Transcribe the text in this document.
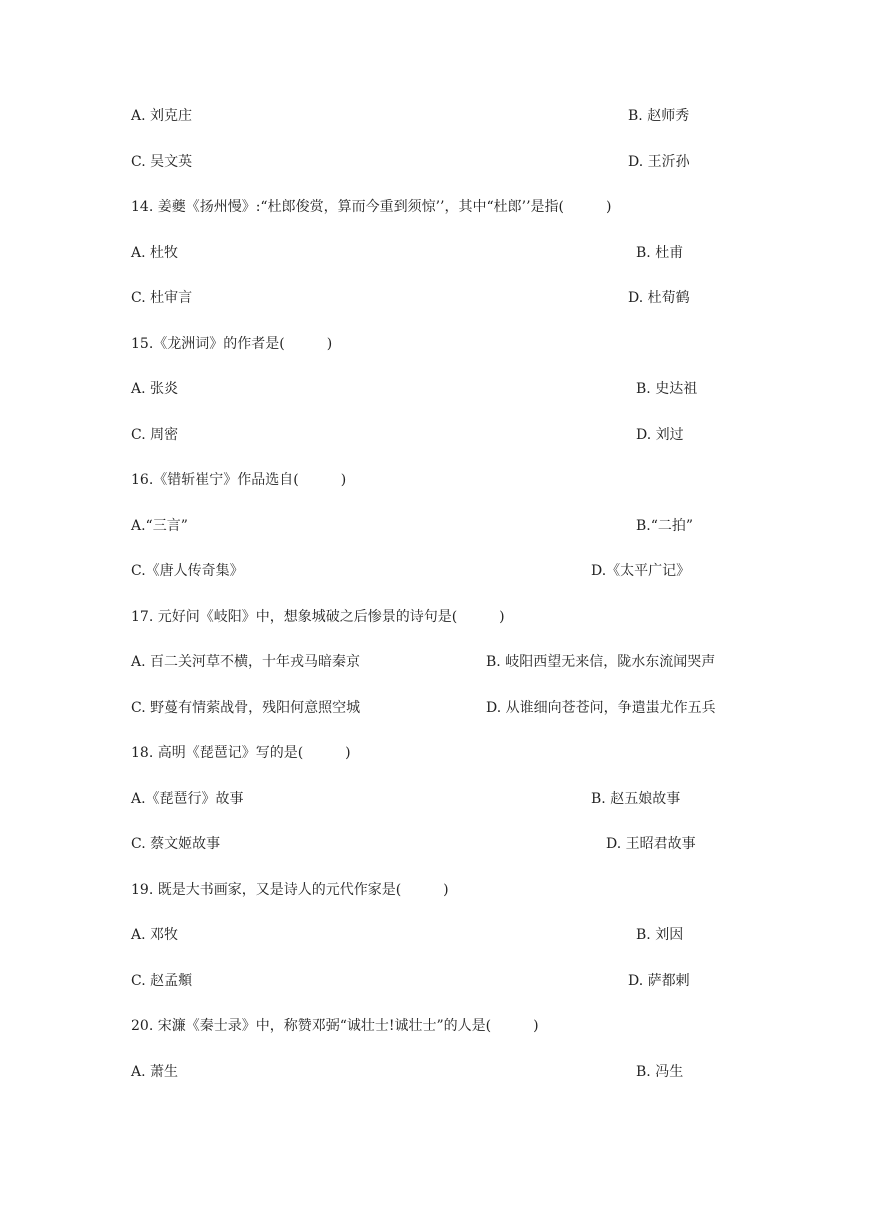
A. 刘克庄	B. 赵师秀
C. 吴文英	D. 王沂孙
14. 姜夔《扬州慢》:“杜郎俊赏，算而今重到须惊’’，其中“杜郎’’是指(　　　)
A. 杜牧	B. 杜甫
C. 杜审言	D. 杜荀鹤
15.《龙洲词》的作者是(　　　)
A. 张炎	B. 史达祖
C. 周密	D. 刘过
16.《错斩崔宁》作品选自(　　　)
A.“三言”	B.“二拍”
C.《唐人传奇集》	D.《太平广记》
17. 元好问《岐阳》中，想象城破之后惨景的诗句是(　　　)
A. 百二关河草不横，十年戎马暗秦京	B. 岐阳西望无来信，陇水东流闻哭声
C. 野蔓有情萦战骨，残阳何意照空城	D. 从谁细向苍苍问，争遣蚩尤作五兵
18. 高明《琵琶记》写的是(　　　)
A.《琵琶行》故事	B. 赵五娘故事
C. 蔡文姬故事	D. 王昭君故事
19. 既是大书画家，又是诗人的元代作家是(　　　)
A. 邓牧	B. 刘因
C. 赵孟頫	D. 萨都剌
20. 宋濂《秦士录》中，称赞邓弼“诚壮士!诚壮士”的人是(　　　)
A. 萧生	B. 冯生
